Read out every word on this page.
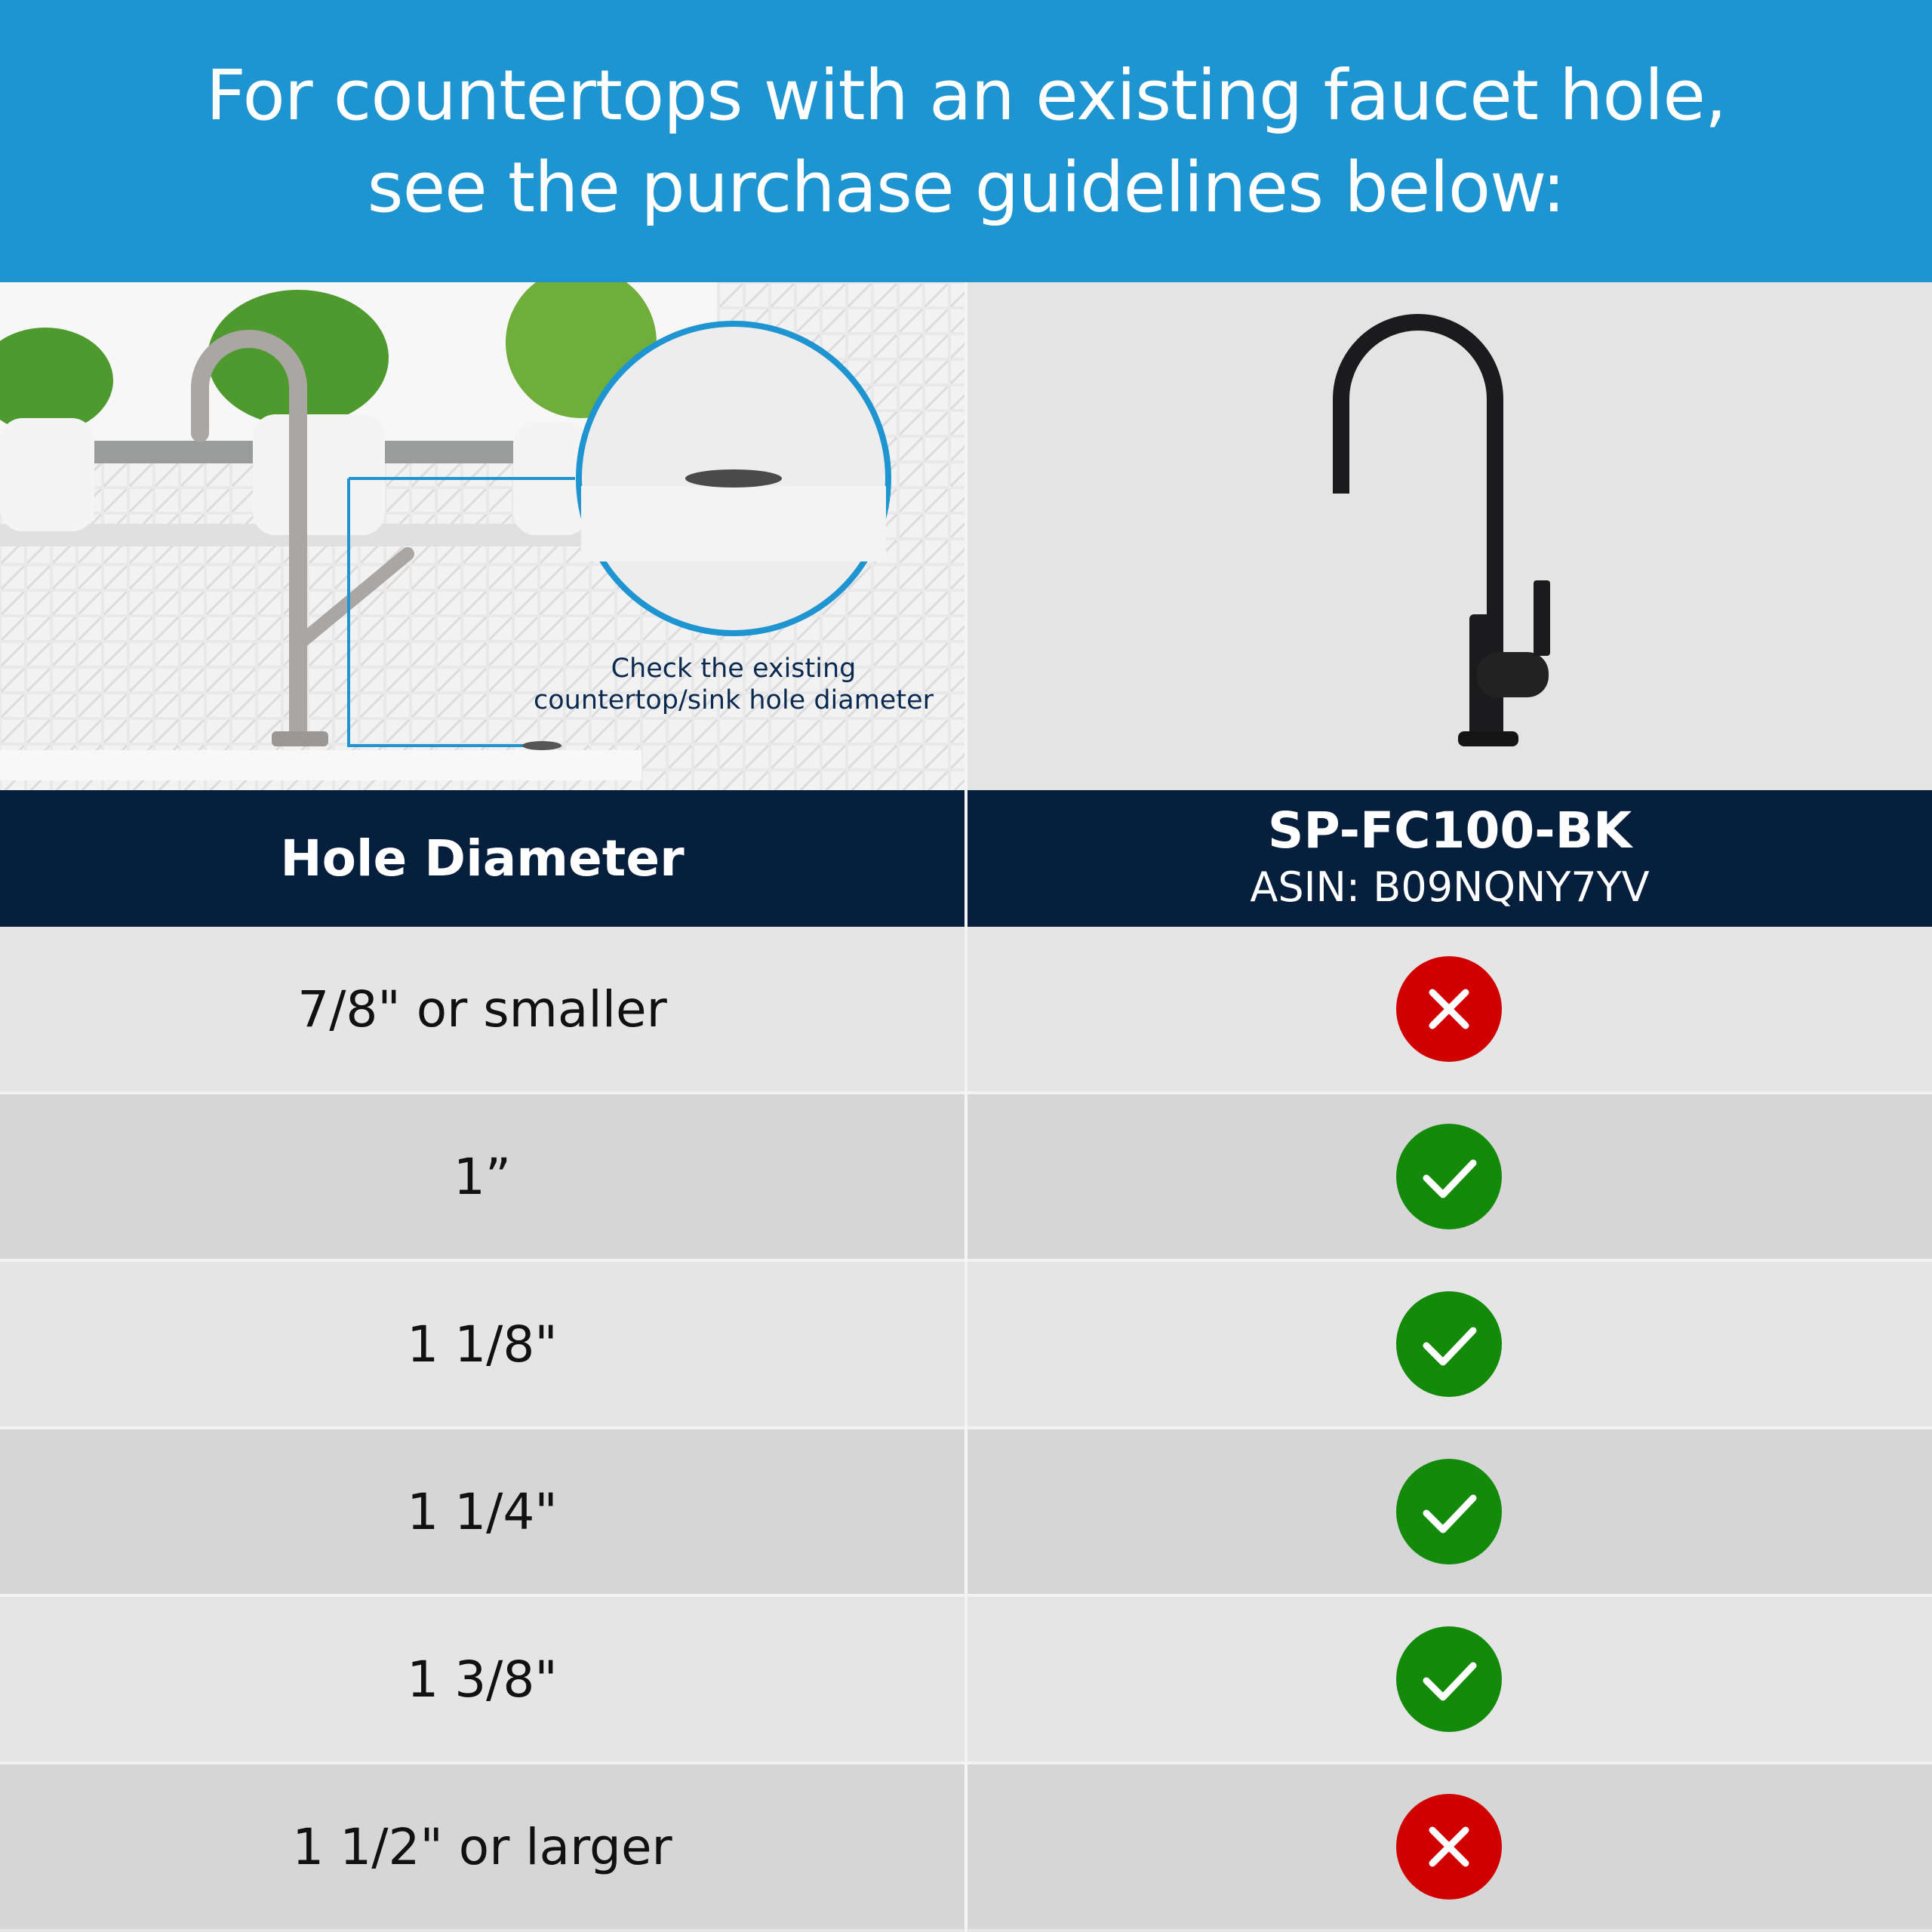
For countertops with an existing faucet hole,
see the purchase guidelines below:
Check the existing
countertop/sink hole diameter
Hole Diameter	SP-FC100-BK
ASIN: B09NQNY7YV
7/8" or smaller
1”
1 1/8"
1 1/4"
1 3/8"
1 1/2" or larger
